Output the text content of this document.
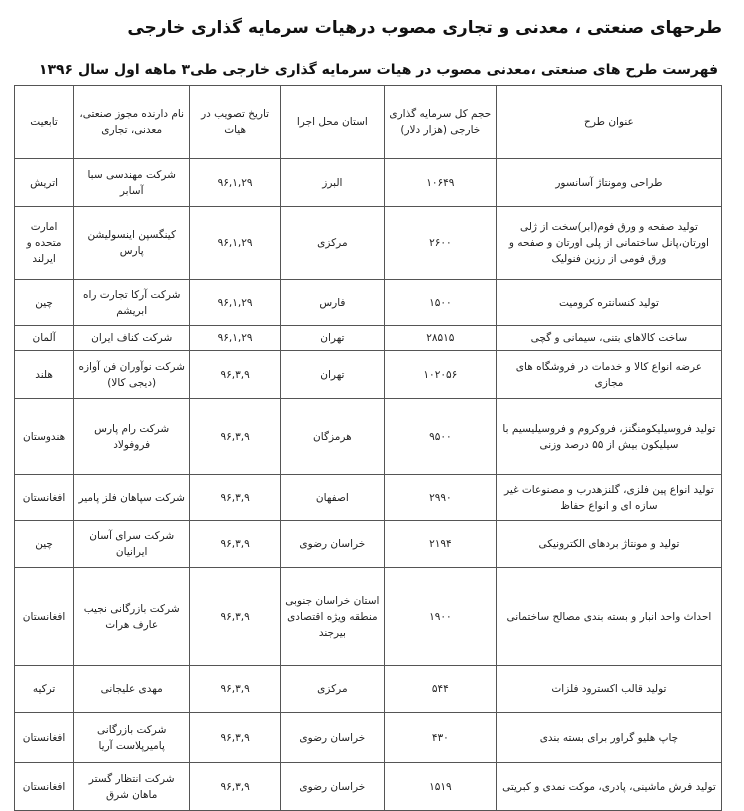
طرحهای صنعتی ، معدنی و تجاری مصوب درهیات سرمایه گذاری خارجی
فهرست طرح های صنعتی ،معدنی مصوب در هیات سرمایه گذاری خارجی طی۳ ماهه اول سال ۱۳۹۶
عنوان طرح	حجم کل سرمایه گذاری خارجی (هزار دلار)	استان محل اجرا	تاریخ تصویب در هیات	نام دارنده مجوز صنعتی، معدنی، تجاری	تابعیت
طراحی ومونتاژ آسانسور	۱۰۶۴۹	البرز	۹۶,۱,۲۹	شرکت مهندسی سبا آسابر	اتریش
تولید صفحه و ورق فوم(ابر)سخت از ژلی اورتان،پانل ساختمانی از پلی اورتان و صفحه و ورق فومی از رزین فنولیک	۲۶۰۰	مرکزی	۹۶,۱,۲۹	کینگسپن اینسولیشن پارس	امارت متحده و ایرلند
تولید کنسانتره کرومیت	۱۵۰۰	فارس	۹۶,۱,۲۹	شرکت آرکا تجارت راه ابریشم	چین
ساخت کالاهای بتنی، سیمانی و گچی	۲۸۵۱۵	تهران	۹۶,۱,۲۹	شرکت کناف ایران	آلمان
عرضه انواع کالا و خدمات در فروشگاه های مجازی	۱۰۲۰۵۶	تهران	۹۶,۳,۹	شرکت نوآوران فن آوازه (دیجی کالا)	هلند
تولید فروسیلیکومنگنز، فروکروم و فروسیلیسیم با سیلیکون بیش از ۵۵ درصد وزنی	۹۵۰۰	هرمزگان	۹۶,۳,۹	شرکت رام پارس فروفولاد	هندوستان
تولید انواع پین فلزی، گلنزهدرب و مصنوعات غیر سازه ای و انواع حفاظ	۲۹۹۰	اصفهان	۹۶,۳,۹	شرکت سپاهان فلز پامیر	افغانستان
تولید و مونتاژ بردهای الکترونیکی	۲۱۹۴	خراسان رضوی	۹۶,۳,۹	شرکت سرای آسان ایرانیان	چین
احداث واحد انبار و بسته بندی مصالح ساختمانی	۱۹۰۰	استان خراسان جنوبی منطقه ویژه اقتصادی بیرجند	۹۶,۳,۹	شرکت بازرگانی نجیب عارف هرات	افغانستان
تولید قالب اکسترود فلزات	۵۴۴	مرکزی	۹۶,۳,۹	مهدی علیجانی	ترکیه
چاپ هلیو گراور برای بسته بندی	۴۳۰	خراسان رضوی	۹۶,۳,۹	شرکت بازرگانی پامیرپلاست آریا	افغانستان
تولید فرش ماشینی، پادری، موکت نمدی و کبریتی	۱۵۱۹	خراسان رضوی	۹۶,۳,۹	شرکت انتظار گستر ماهان شرق	افغانستان
